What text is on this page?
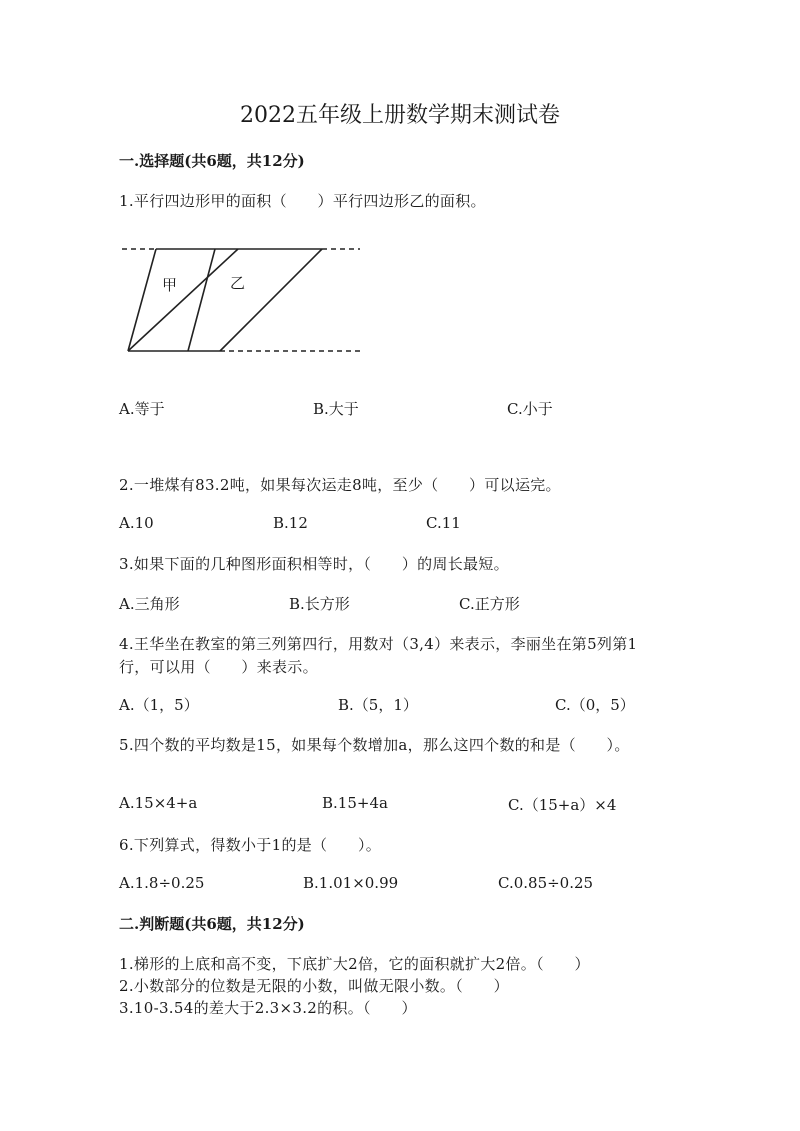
2022五年级上册数学期末测试卷
一.选择题(共6题，共12分)
1.平行四边形甲的面积（　　）平行四边形乙的面积。
甲	乙
A.等于	B.大于	C.小于
2.一堆煤有83.2吨，如果每次运走8吨，至少（　　）可以运完。
A.10	B.12	C.11
3.如果下面的几种图形面积相等时，（　　）的周长最短。
A.三角形	B.长方形	C.正方形
4.王华坐在教室的第三列第四行，用数对（3,4）来表示，李丽坐在第5列第1
行，可以用（　　）来表示。
A.（1，5）	B.（5，1）	C.（0，5）
5.四个数的平均数是15，如果每个数增加a，那么这四个数的和是（　　）。
A.15×4+a	B.15+4a	C.（15+a）×4
6.下列算式，得数小于1的是（　　）。
A.1.8÷0.25	B.1.01×0.99	C.0.85÷0.25
二.判断题(共6题，共12分)
1.梯形的上底和高不变，下底扩大2倍，它的面积就扩大2倍。（　　）
2.小数部分的位数是无限的小数，叫做无限小数。（　　）
3.10-3.54的差大于2.3×3.2的积。（　　）
